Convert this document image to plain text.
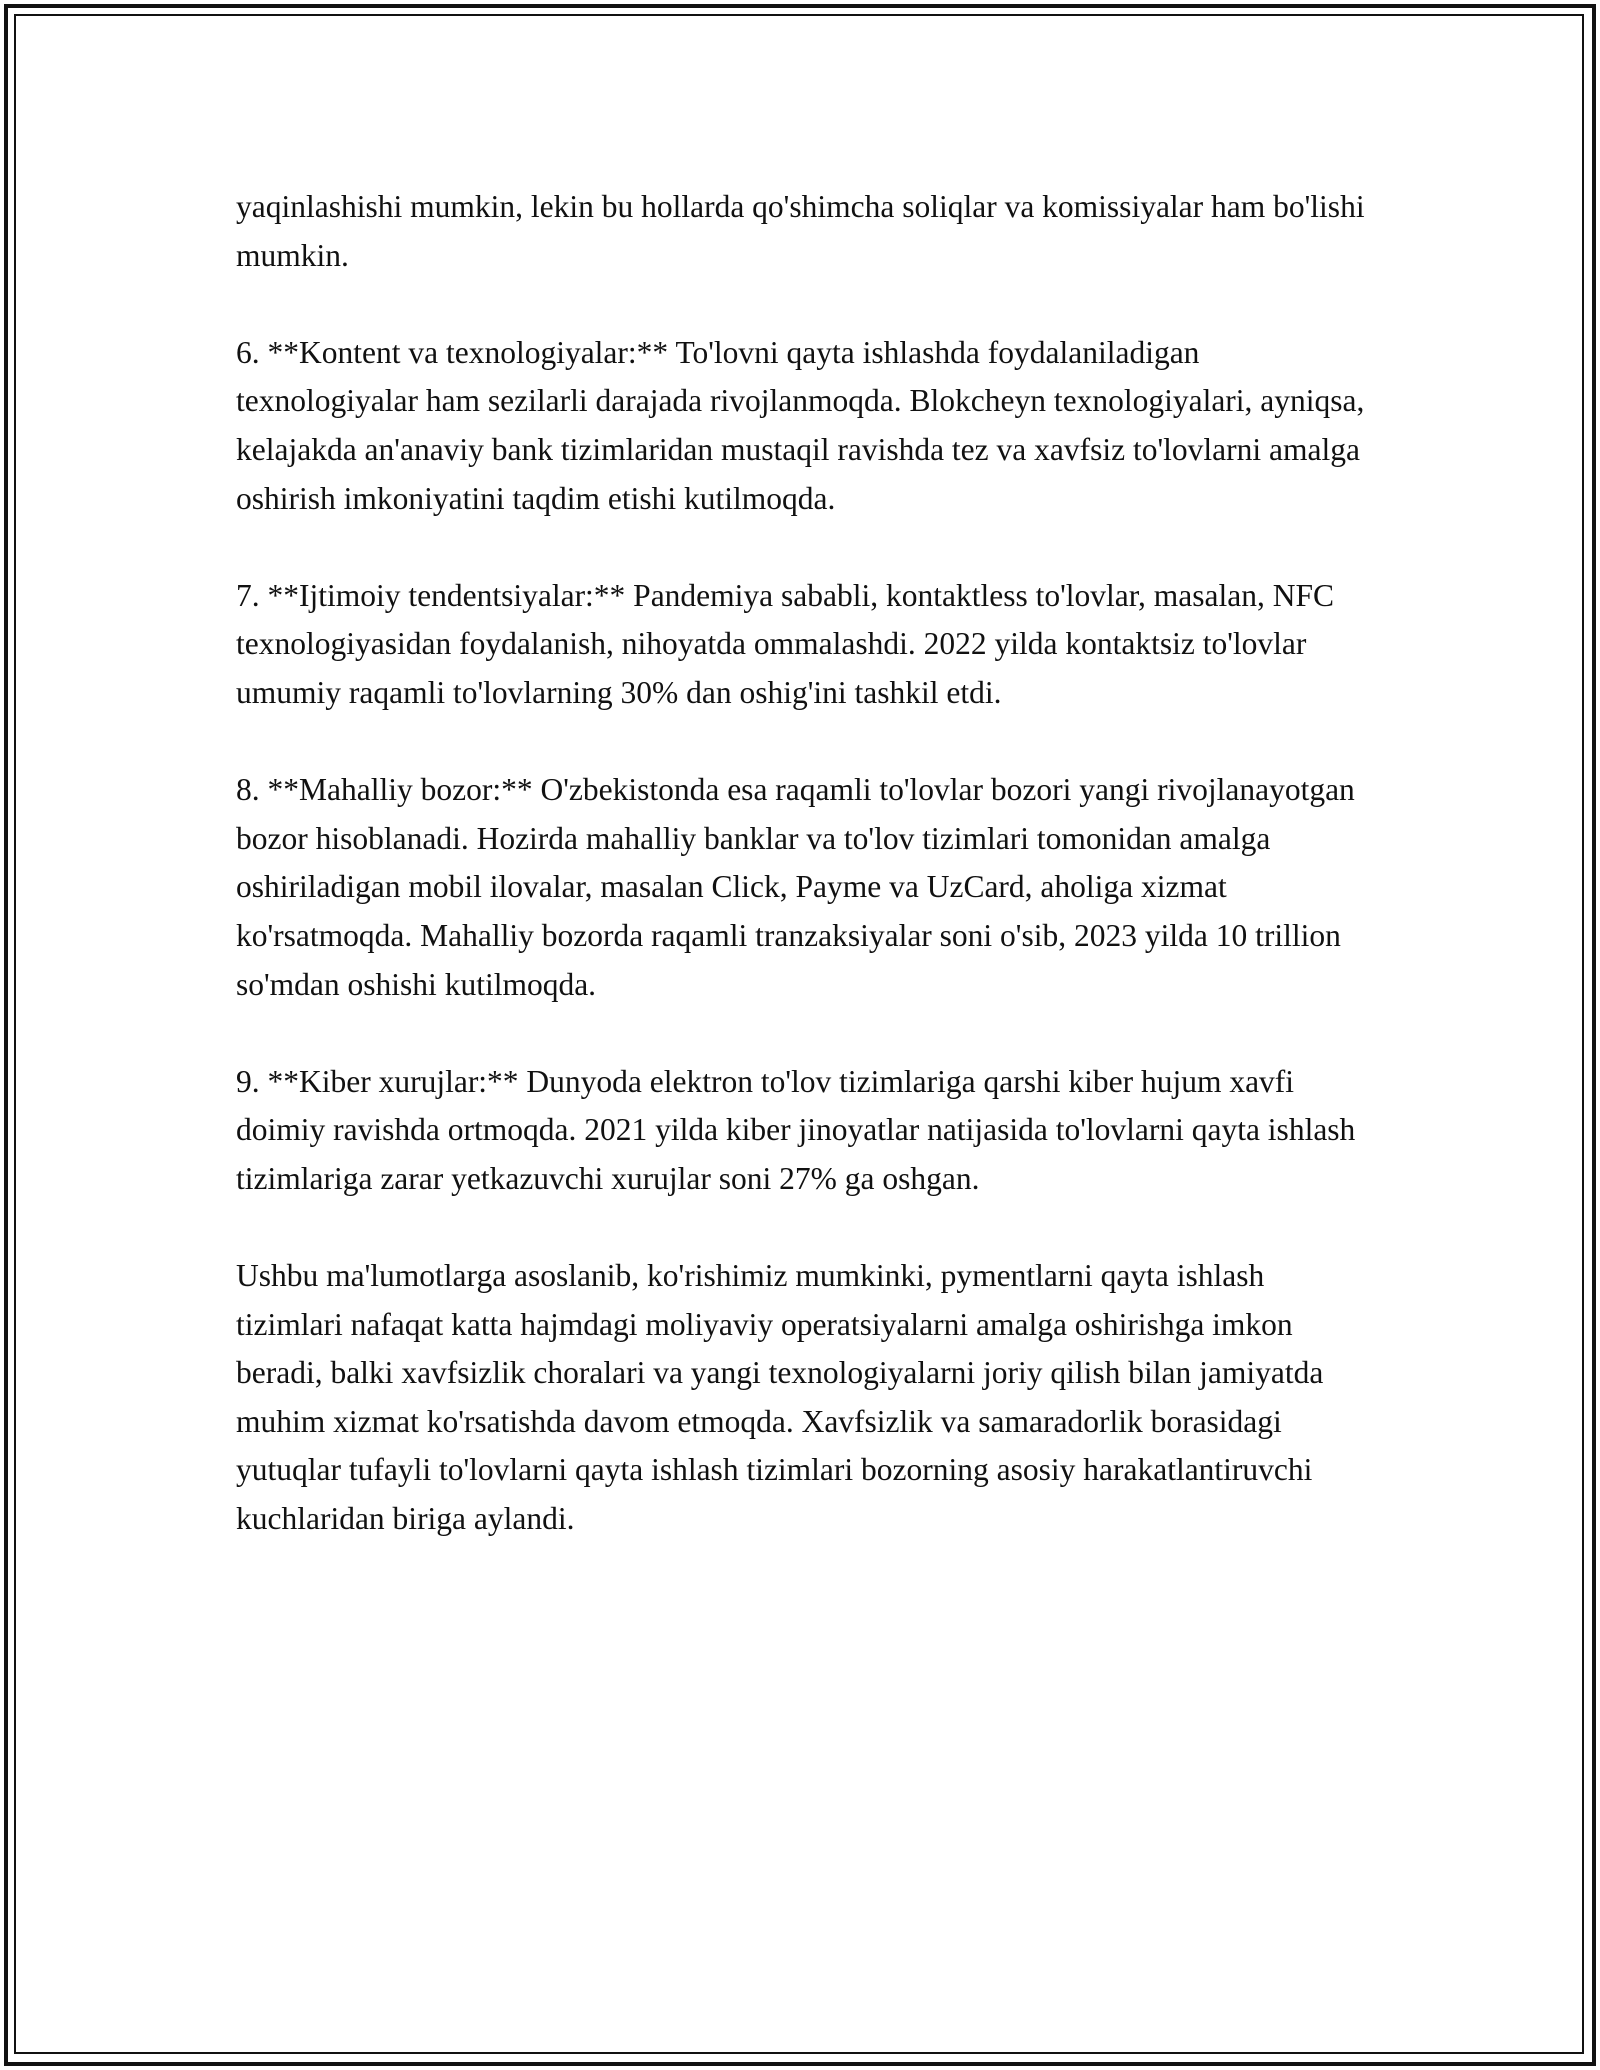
yaqinlashishi mumkin, lekin bu hollarda qo'shimcha soliqlar va komissiyalar ham bo'lishi mumkin.

6. **Kontent va texnologiyalar:** To'lovni qayta ishlashda foydalaniladigan texnologiyalar ham sezilarli darajada rivojlanmoqda. Blokcheyn texnologiyalari, ayniqsa, kelajakda an'anaviy bank tizimlaridan mustaqil ravishda tez va xavfsiz to'lovlarni amalga oshirish imkoniyatini taqdim etishi kutilmoqda.

7. **Ijtimoiy tendentsiyalar:** Pandemiya sababli, kontaktless to'lovlar, masalan, NFC texnologiyasidan foydalanish, nihoyatda ommalashdi. 2022 yilda kontaktsiz to'lovlar umumiy raqamli to'lovlarning 30% dan oshig'ini tashkil etdi.

8. **Mahalliy bozor:** O'zbekistonda esa raqamli to'lovlar bozori yangi rivojlanayotgan bozor hisoblanadi. Hozirda mahalliy banklar va to'lov tizimlari tomonidan amalga oshiriladigan mobil ilovalar, masalan Click, Payme va UzCard, aholiga xizmat ko'rsatmoqda. Mahalliy bozorda raqamli tranzaksiyalar soni o'sib, 2023 yilda 10 trillion so'mdan oshishi kutilmoqda.

9. **Kiber xurujlar:** Dunyoda elektron to'lov tizimlariga qarshi kiber hujum xavfi doimiy ravishda ortmoqda. 2021 yilda kiber jinoyatlar natijasida to'lovlarni qayta ishlash tizimlariga zarar yetkazuvchi xurujlar soni 27% ga oshgan.

Ushbu ma'lumotlarga asoslanib, ko'rishimiz mumkinki, pymentlarni qayta ishlash tizimlari nafaqat katta hajmdagi moliyaviy operatsiyalarni amalga oshirishga imkon beradi, balki xavfsizlik choralari va yangi texnologiyalarni joriy qilish bilan jamiyatda muhim xizmat ko'rsatishda davom etmoqda. Xavfsizlik va samaradorlik borasidagi yutuqlar tufayli to'lovlarni qayta ishlash tizimlari bozorning asosiy harakatlantiruvchi kuchlaridan biriga aylandi.
